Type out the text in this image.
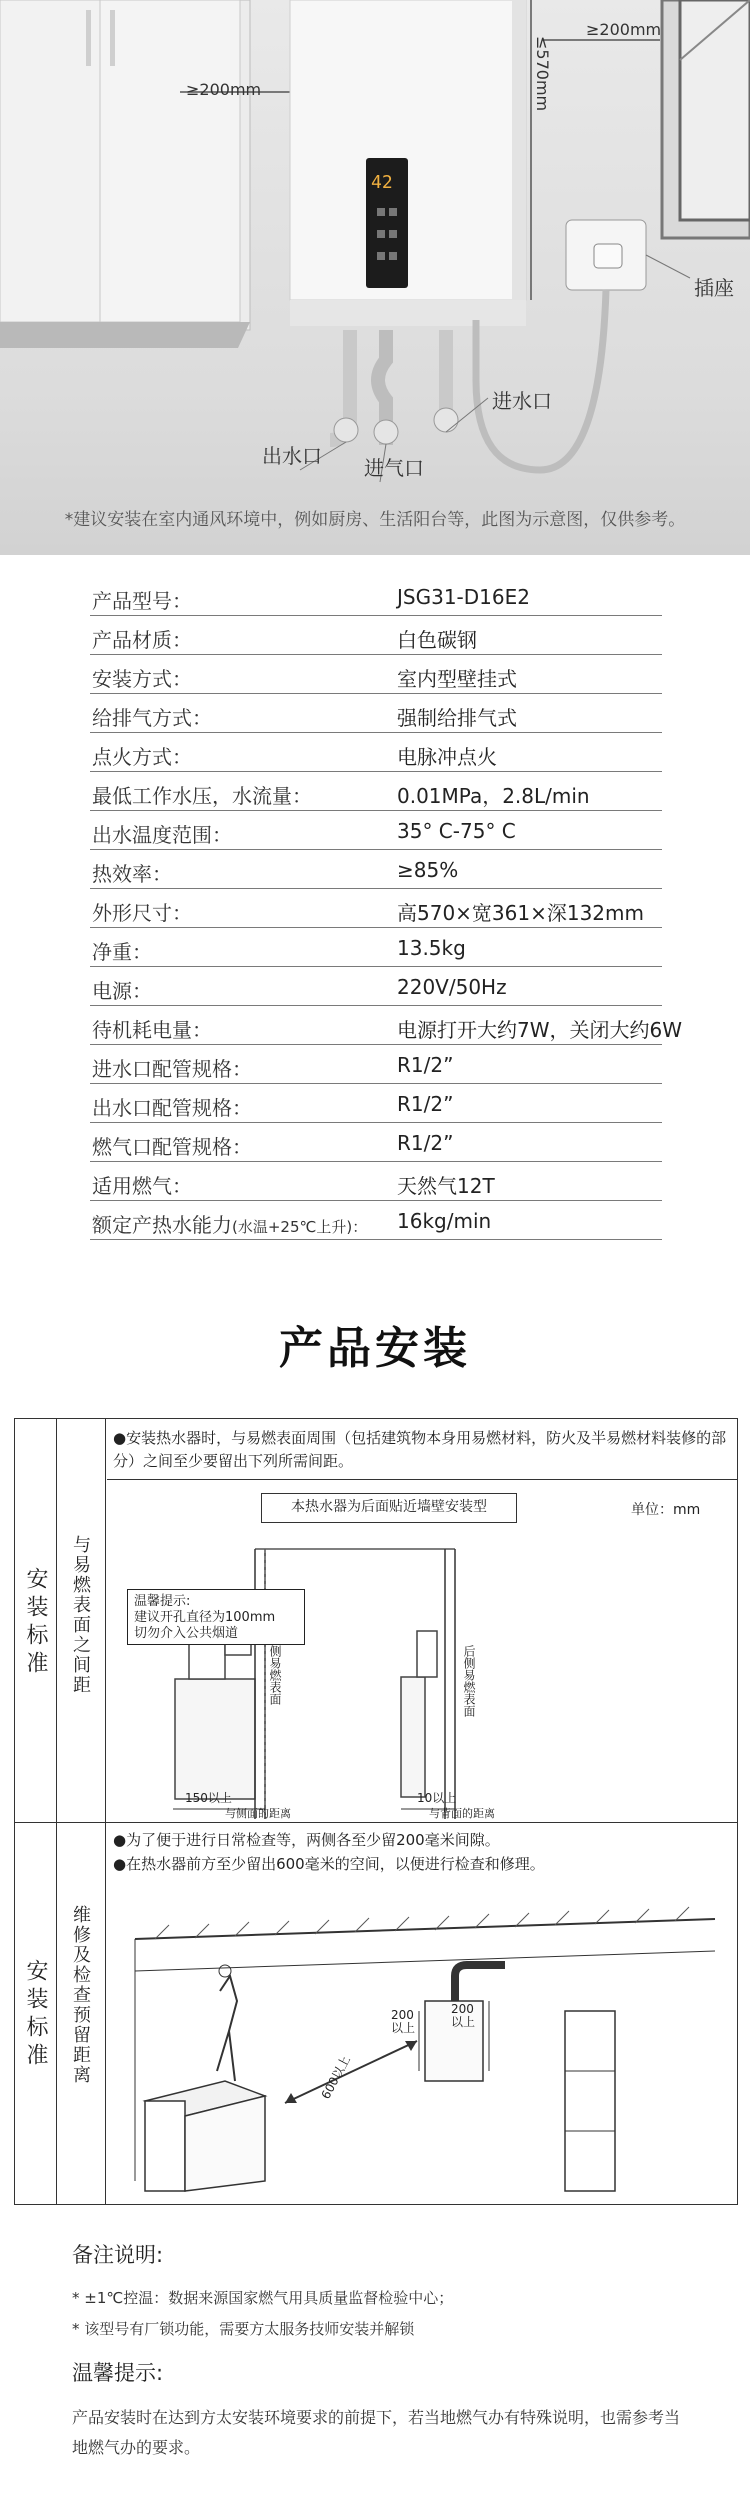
≥200mm	≤570mm
≥200mm
42
出水口 进气口
进水口
插座
*建议安装在室内通风环境中，例如厨房、生活阳台等，此图为示意图，仅供参考。
产品型号：	JSG31-D16E2
产品材质：	白色碳钢
安装方式：	室内型壁挂式
给排气方式：	强制给排气式
点火方式：	电脉冲点火
最低工作水压，水流量：	0.01MPa，2.8L/min
出水温度范围：	35° C-75° C
热效率：	≥85%
外形尺寸：	高570×宽361×深132mm
净重：	13.5kg
电源：	220V/50Hz
待机耗电量：	电源打开大约7W，关闭大约6W
进水口配管规格：	R1/2”
出水口配管规格：	R1/2”
燃气口配管规格：	R1/2”
适用燃气：	天然气12T
额定产热水能力(水温+25℃上升)： 16kg/min
产品安装
安装标准 与易燃表面之间距
●安装热水器时，与易燃表面周围（包括建筑物本身用易燃材料，防火及半易燃材料装修的部分）之间至少要留出下列所需间距。
本热水器为后面贴近墙壁安装型	单位：mm
温馨提示:
建议开孔直径为100mm
切勿介入公共烟道
侧易燃表面	后侧易燃表面
150以上	10以上
与侧面的距离	与背面的距离
安装标准 维修及检查预留距离
●为了便于进行日常检查等，两侧各至少留200毫米间隙。
●在热水器前方至少留出600毫米的空间，以便进行检查和修理。
200以上
200以上
600以上
备注说明:
* ±1℃控温：数据来源国家燃气用具质量监督检验中心；
* 该型号有厂锁功能，需要方太服务技师安装并解锁
温馨提示:
产品安装时在达到方太安装环境要求的前提下，若当地燃气办有特殊说明，也需参考当地燃气办的要求。
